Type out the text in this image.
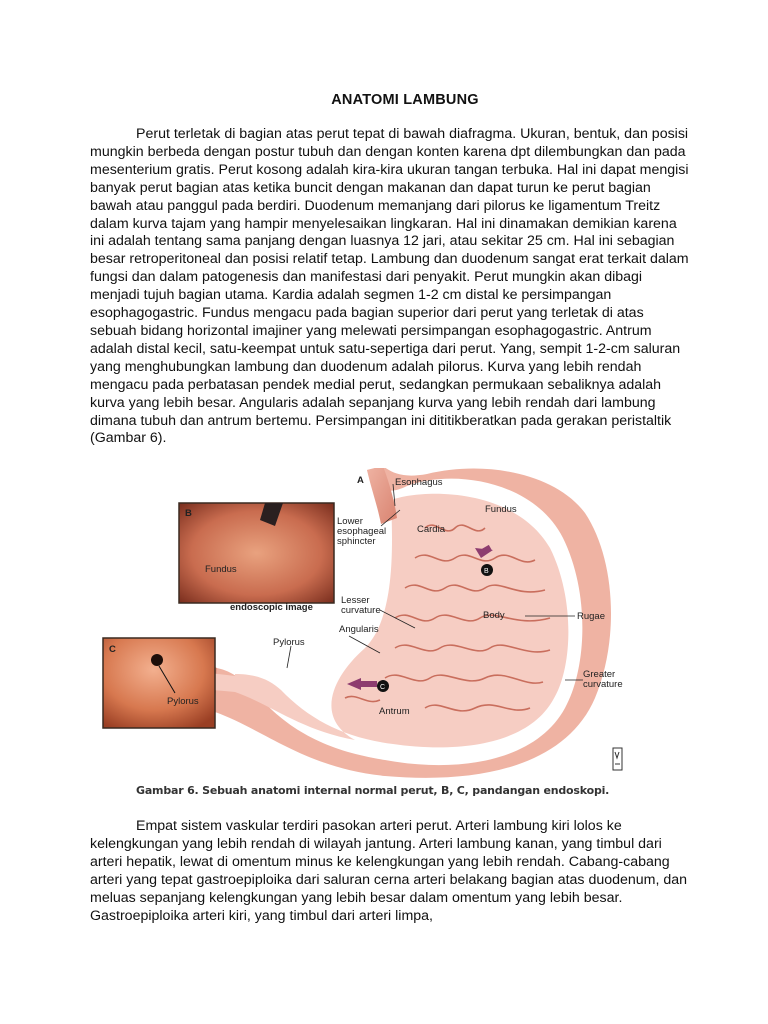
ANATOMI LAMBUNG

Perut terletak di bagian atas perut tepat di bawah diafragma. Ukuran, bentuk, dan posisi mungkin berbeda dengan postur tubuh dan dengan konten karena dpt dilembungkan dan pada mesenterium gratis. Perut kosong adalah kira-kira ukuran tangan terbuka. Hal ini dapat mengisi banyak perut bagian atas ketika buncit dengan makanan dan dapat turun ke perut bagian bawah atau panggul pada berdiri. Duodenum memanjang dari pilorus ke ligamentum Treitz dalam kurva tajam yang hampir menyelesaikan lingkaran. Hal ini dinamakan demikian karena ini adalah tentang sama panjang dengan luasnya 12 jari, atau sekitar 25 cm. Hal ini sebagian besar retroperitoneal dan posisi relatif tetap. Lambung dan duodenum sangat erat terkait dalam fungsi dan dalam patogenesis dan manifestasi dari penyakit. Perut mungkin akan dibagi menjadi tujuh bagian utama. Kardia adalah segmen 1-2 cm distal ke persimpangan esophagogastric. Fundus mengacu pada bagian superior dari perut yang terletak di atas sebuah bidang horizontal imajiner yang melewati persimpangan esophagogastric. Antrum adalah distal kecil, satu-keempat untuk satu-sepertiga dari perut. Yang, sempit 1-2-cm saluran yang menghubungkan lambung dan duodenum adalah pilorus. Kurva yang lebih rendah mengacu pada perbatasan pendek medial perut, sedangkan permukaan sebaliknya adalah kurva yang lebih besar. Angularis adalah sepanjang kurva yang lebih rendah dari lambung dimana tubuh dan antrum bertemu. Persimpangan ini dititikberatkan pada gerakan peristaltik (Gambar 6).

B
Fundus
endoscopic image
C
Pylorus
B
C
A	Esophagus
Fundus
Lower
esophageal
sphincter
Cardia
Lesser
curvature
Angularis
Body	Rugae
Pylorus
Greater
curvature
Antrum
Gambar 6. Sebuah anatomi internal normal perut, B, C, pandangan endoskopi.

Empat sistem vaskular terdiri pasokan arteri perut. Arteri lambung kiri lolos ke kelengkungan yang lebih rendah di wilayah jantung. Arteri lambung kanan, yang timbul dari arteri hepatik, lewat di omentum minus ke kelengkungan yang lebih rendah. Cabang-cabang arteri yang tepat gastroepiploika dari saluran cerna arteri belakang bagian atas duodenum, dan meluas sepanjang kelengkungan yang lebih besar dalam omentum yang lebih besar. Gastroepiploika arteri kiri, yang timbul dari arteri limpa,
